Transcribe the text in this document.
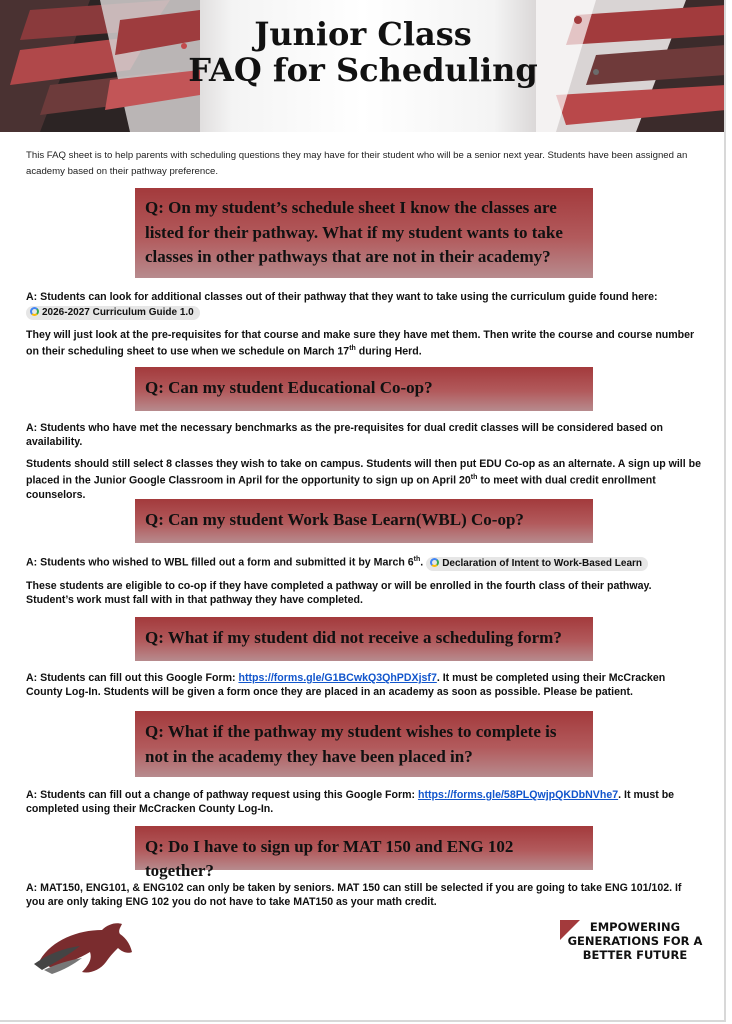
Junior Class
FAQ for Scheduling
This FAQ sheet is to help parents with scheduling questions they may have for their student who will be a senior next year. Students have been assigned an academy based on their pathway preference.
Q: On my student’s schedule sheet I know the classes are listed for their pathway. What if my student wants to take classes in other pathways that are not in their academy?
A: Students can look for additional classes out of their pathway that they want to take using the curriculum guide found here:
2026-2027 Curriculum Guide 1.0
They will just look at the pre-requisites for that course and make sure they have met them. Then write the course and course number on their scheduling sheet to use when we schedule on March 17th during Herd.
Q: Can my student Educational Co-op?
A: Students who have met the necessary benchmarks as the pre-requisites for dual credit classes will be considered based on availability.
Students should still select 8 classes they wish to take on campus. Students will then put EDU Co-op as an alternate. A sign up will be placed in the Junior Google Classroom in April for the opportunity to sign up on April 20th to meet with dual credit enrollment counselors.
Q: Can my student Work Base Learn(WBL) Co-op?
A: Students who wished to WBL filled out a form and submitted it by March 6th. Declaration of Intent to Work-Based Learn
These students are eligible to co-op if they have completed a pathway or will be enrolled in the fourth class of their pathway. Student’s work must fall with in that pathway they have completed.
Q: What if my student did not receive a scheduling form?
A: Students can fill out this Google Form: https://forms.gle/G1BCwkQ3QhPDXjsf7. It must be completed using their McCracken County Log-In. Students will be given a form once they are placed in an academy as soon as possible. Please be patient.
Q: What if the pathway my student wishes to complete is not in the academy they have been placed in?
A: Students can fill out a change of pathway request using this Google Form: https://forms.gle/58PLQwjpQKDbNVhe7. It must be completed using their McCracken County Log-In.
Q: Do I have to sign up for MAT 150 and ENG 102 together?
A: MAT150, ENG101, & ENG102 can only be taken by seniors. MAT 150 can still be selected if you are going to take ENG 101/102. If you are only taking ENG 102 you do not have to take MAT150 as your math credit.
EMPOWERING
GENERATIONS FOR A
BETTER FUTURE
